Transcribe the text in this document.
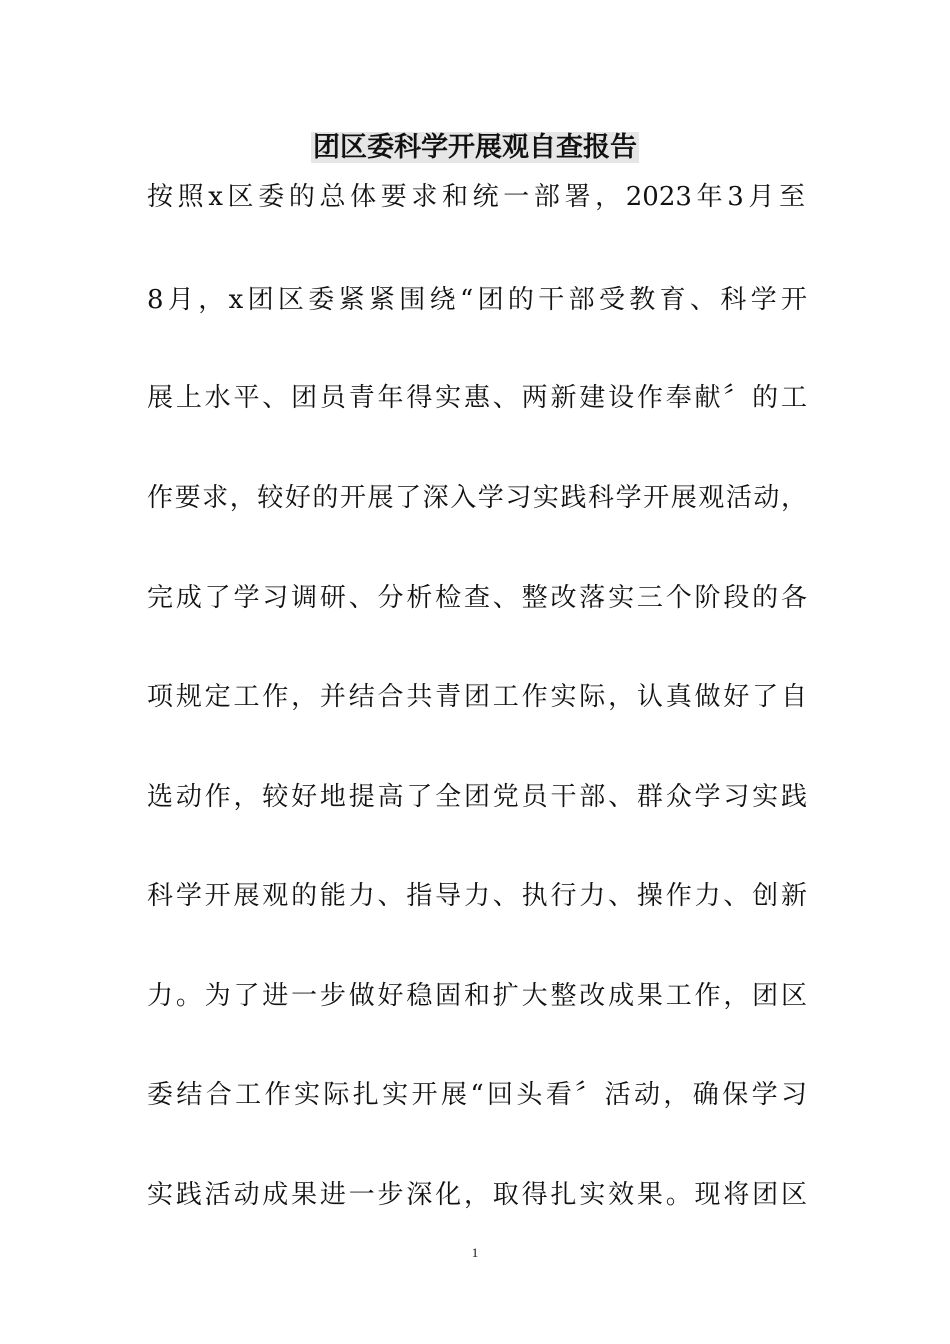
团区委科学开展观自查报告
按照x区委的总体要求和统一部署，2023年3月至
8月，x团区委紧紧围绕“团的干部受教育、科学开
展上水平、团员青年得实惠、两新建设作奉献〞的工
作要求，较好的开展了深入学习实践科学开展观活动，
完成了学习调研、分析检查、整改落实三个阶段的各
项规定工作，并结合共青团工作实际，认真做好了自
选动作，较好地提高了全团党员干部、群众学习实践
科学开展观的能力、指导力、执行力、操作力、创新
力。为了进一步做好稳固和扩大整改成果工作，团区
委结合工作实际扎实开展“回头看〞活动，确保学习
实践活动成果进一步深化，取得扎实效果。现将团区
1
